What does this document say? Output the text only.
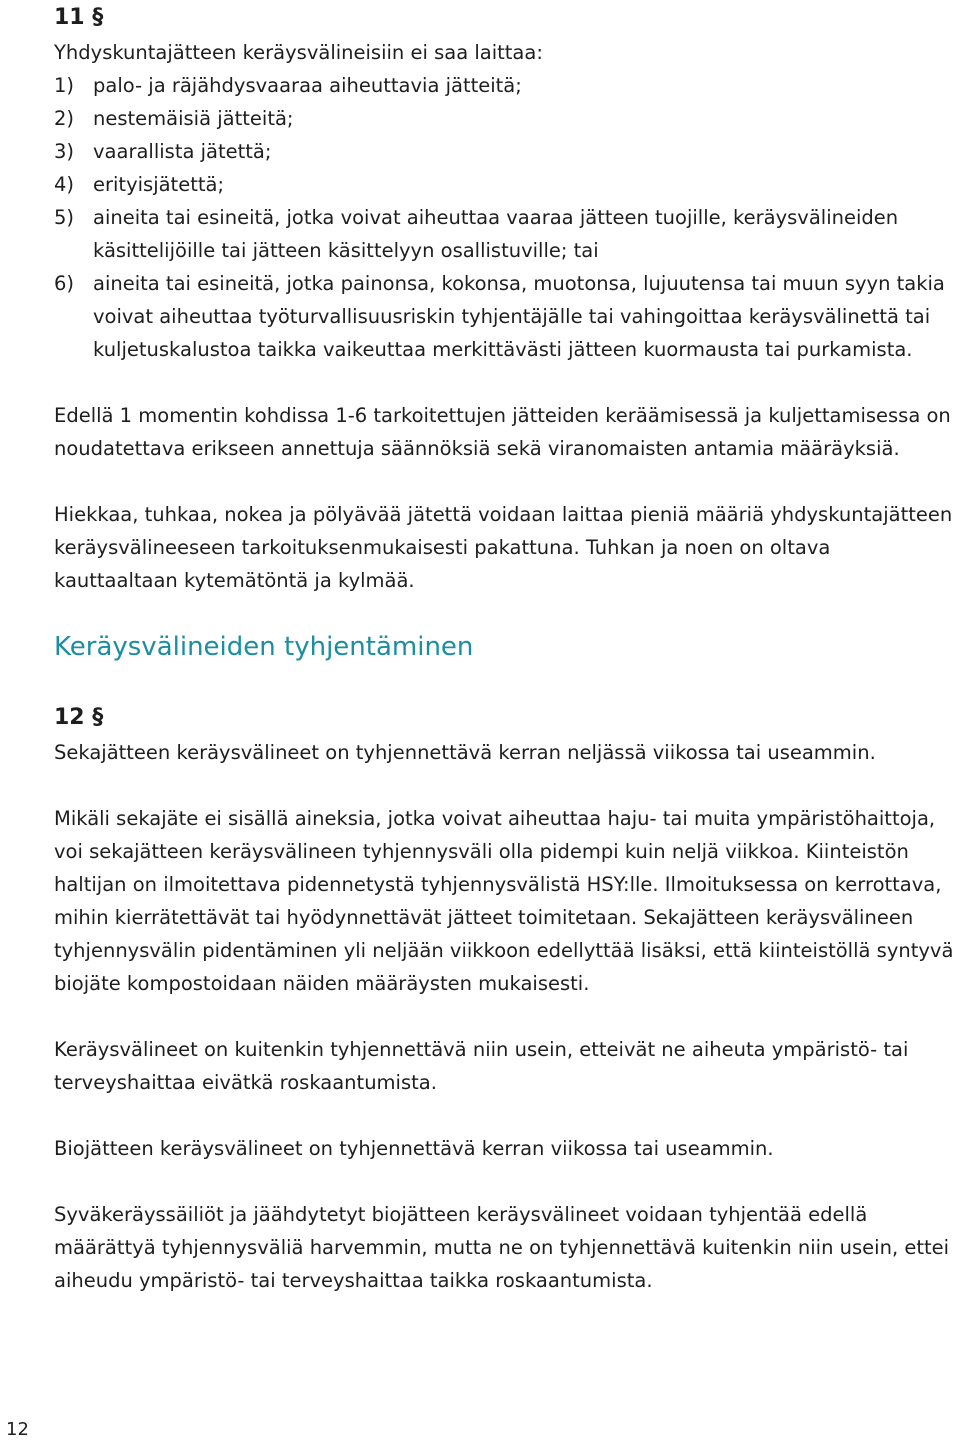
11 §

Yhdyskuntajätteen keräysvälineisiin ei saa laittaa:

1) palo- ja räjähdysvaaraa aiheuttavia jätteitä;
2) nestemäisiä jätteitä;
3) vaarallista jätettä;
4) erityisjätettä;
5) aineita tai esineitä, jotka voivat aiheuttaa vaaraa jätteen tuojille, keräysvälineiden käsittelijöille tai jätteen käsittelyyn osallistuville; tai
6) aineita tai esineitä, jotka painonsa, kokonsa, muotonsa, lujuutensa tai muun syyn takia voivat aiheuttaa työturvallisuusriskin tyhjentäjälle tai vahingoittaa keräysvälinettä tai kuljetuskalustoa taikka vaikeuttaa merkittävästi jätteen kuormausta tai purkamista.

Edellä 1 momentin kohdissa 1-6 tarkoitettujen jätteiden keräämisessä ja kuljettamisessa on noudatettava erikseen annettuja säännöksiä sekä viranomaisten antamia määräyksiä.

Hiekkaa, tuhkaa, nokea ja pölyävää jätettä voidaan laittaa pieniä määriä yhdyskuntajätteen keräysvälineeseen tarkoituksenmukaisesti pakattuna. Tuhkan ja noen on oltava kauttaaltaan kytemätöntä ja kylmää.

Keräysvälineiden tyhjentäminen
12 §

Sekajätteen keräysvälineet on tyhjennettävä kerran neljässä viikossa tai useammin.

Mikäli sekajäte ei sisällä aineksia, jotka voivat aiheuttaa haju- tai muita ympäristöhaittoja, voi sekajätteen keräysvälineen tyhjennysväli olla pidempi kuin neljä viikkoa. Kiinteistön haltijan on ilmoitettava pidennetystä tyhjennysvälistä HSY:lle. Ilmoituksessa on kerrottava, mihin kierrätettävät tai hyödynnettävät jätteet toimitetaan. Sekajätteen keräysvälineen tyhjennysvälin pidentäminen yli neljään viikkoon edellyttää lisäksi, että kiinteistöllä syntyvä biojäte kompostoidaan näiden määräysten mukaisesti.

Keräysvälineet on kuitenkin tyhjennettävä niin usein, etteivät ne aiheuta ympäristö- tai terveyshaittaa eivätkä roskaantumista.

Biojätteen keräysvälineet on tyhjennettävä kerran viikossa tai useammin.

Syväkeräyssäiliöt ja jäähdytetyt biojätteen keräysvälineet voidaan tyhjentää edellä määrättyä tyhjennysväliä harvemmin, mutta ne on tyhjennettävä kuitenkin niin usein, ettei aiheudu ympäristö- tai terveyshaittaa taikka roskaantumista.

12
